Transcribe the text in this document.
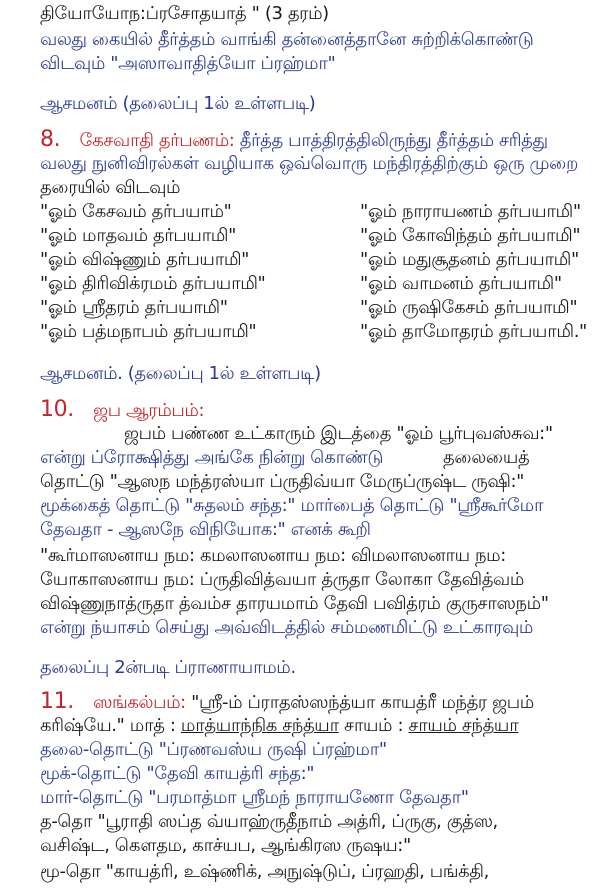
தியோயோந:ப்ரசோதயாத் " (3 தரம்)
வலது கையில் தீர்த்தம் வாங்கி தன்னைத்தானே சுற்றிக்கொண்டு
விடவும் "அஸாவாதித்யோ ப்ரஹ்மா"
ஆசமனம் (தலைப்பு 1ல் உள்ளபடி)
8. கேசவாதி தர்பணம்: தீர்த்த பாத்திரத்திலிருந்து தீர்த்தம் சரித்து
வலது நுனிவிரல்கள் வழியாக ஒவ்வொரு மந்திரத்திற்கும் ஒரு முறை
தரையில் விடவும்
"ஓம் கேசவம் தர்பயாம்"	"ஓம் நாராயணம் தர்பயாமி"
"ஓம் மாதவம் தர்பயாமி"	"ஓம் கோவிந்தம் தர்பயாமி"
"ஓம் விஷ்ணும் தர்பயாமி"	"ஓம் மதுசூதனம் தர்பயாமி"
"ஓம் திரிவிக்ரமம் தர்பயாமி"	"ஓம் வாமனம் தர்பயாமி"
"ஓம் ஸ்ரீதரம் தர்பயாமி"	"ஓம் ருஷிகேசம் தர்பயாமி"
"ஓம் பத்மநாபம் தர்பயாமி"	"ஓம் தாமோதரம் தர்பயாமி."
ஆசமனம். (தலைப்பு 1ல் உள்ளபடி)
10. ஜப ஆரம்பம்:
ஜபம் பண்ண உட்காரும் இடத்தை "ஓம் பூர்புவஸ்சுவ:"
என்று ப்ரோக்ஷித்து அங்கே நின்று கொண்டு	தலையைத்
தொட்டு "ஆஸந மந்த்ரஸ்யா ப்ருதிவ்யா மேருப்ருஷ்ட ருஷி:"
மூக்கைத் தொட்டு "சுதலம் சந்த:" மார்பைத் தொட்டு "ஸ்ரீகூர்மோ
தேவதா - ஆஸநே விநியோக:" எனக் கூறி
"கூர்மாஸனாய நம: கமலாஸனாய நம: விமலாஸனாய நம:
யோகாஸனாய நம: ப்ருதிவித்வயா த்ருதா லோகா தேவித்வம்
விஷ்ணுநாத்ருதா த்வம்ச தாரயமாம் தேவி பவித்ரம் குருசாஸநம்"
என்று ந்யாசம் செய்து அவ்விடத்தில் சம்மணமிட்டு உட்காரவும்
தலைப்பு 2ன்படி ப்ராணாயாமம்.
11. ஸங்கல்பம்: "ஸ்ரீ-ம் ப்ராதஸ்ஸந்த்யா காயத்ரீ மந்த்ர ஜபம்
கரிஷ்யே." மாத் : மாத்யாந்நிக சந்த்யா சாயம் : சாயம் சந்த்யா
தலை-தொட்டு "ப்ரணவஸ்ய ருஷி ப்ரஹ்மா"
மூக்-தொட்டு "தேவி காயத்ரி சந்த:"
மார்-தொட்டு "பரமாத்மா ஸ்ரீமந் நாராயணோ தேவதா"
த-தொ "பூராதி ஸப்த வ்யாஹ்ருதீநாம் அத்ரி, ப்ருகு, குத்ஸ,
வசிஷ்ட, கௌதம, காச்யப, ஆங்கிரஸ ருஷய:"
மூ-தொ "காயத்ரி, உஷ்ணிக், அநுஷ்டுப், ப்ரஹதி, பங்க்தி,
